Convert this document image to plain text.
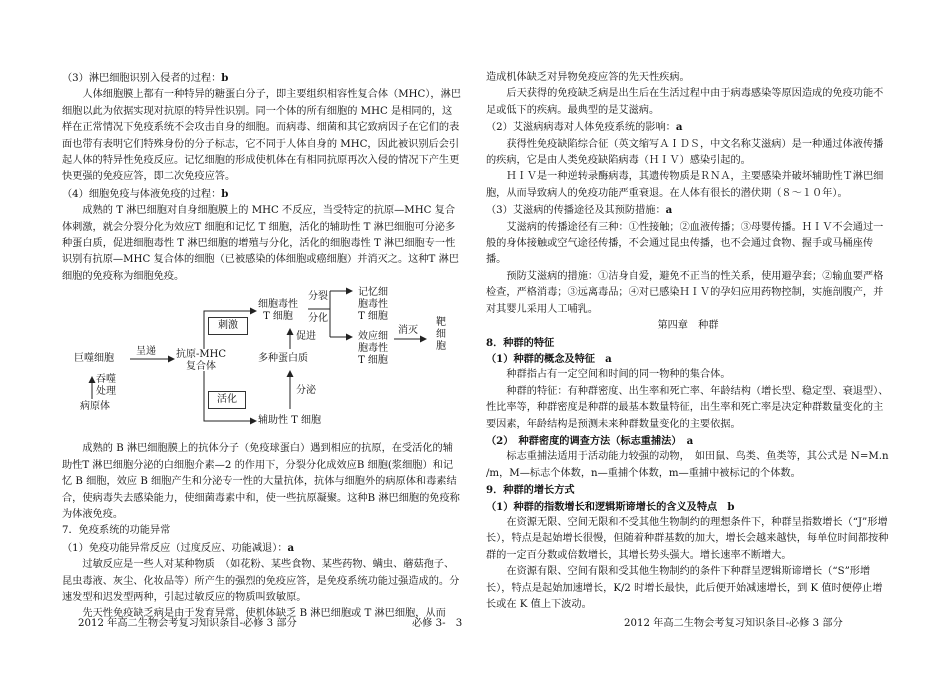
（3）淋巴细胞识别入侵者的过程：b

人体细胞膜上都有一种特异的糖蛋白分子，即主要组织相容性复合体（MHC），淋巴细胞以此为依据实现对抗原的特异性识别。同一个体的所有细胞的 MHC 是相同的，这样在正常情况下免疫系统不会攻击自身的细胞。而病毒、细菌和其它致病因子在它们的表面也带有表明它们特殊身份的分子标志，它不同于人体自身的 MHC，因此被识别后会引起人体的特异性免疫反应。记忆细胞的形成使机体在有相同抗原再次入侵的情况下产生更快更强的免疫应答，即二次免疫应答。

（4）细胞免疫与体液免疫的过程：b

成熟的 T 淋巴细胞对自身细胞膜上的 MHC 不反应，当受特定的抗原—MHC 复合体刺激，就会分裂分化为效应T 细胞和记忆 T 细胞，活化的辅助性 T 淋巴细胞可分泌多种蛋白质，促进细胞毒性 T 淋巴细胞的增殖与分化，活化的细胞毒性 T 淋巴细胞专一性识别有抗原—MHC 复合体的细胞（已被感染的体细胞或癌细胞）并消灭之。这种T 淋巴细胞的免疫称为细胞免疫。

巨噬细胞
呈递
吞噬
处理
病原体
抗原-MHC
复合体
刺激
活化
细胞毒性
T 细胞
分裂
分化
记忆细
胞毒性
T 细胞
效应细
胞毒性
T 细胞
消灭
靶
细
胞
促进
多种蛋白质
分泌
辅助性 T 细胞

成熟的 B 淋巴细胞膜上的抗体分子（免疫球蛋白）遇到相应的抗原，在受活化的辅助性T 淋巴细胞分泌的白细胞介素—2 的作用下，分裂分化成效应B 细胞(浆细胞）和记忆 B 细胞，效应 B 细胞产生和分泌专一性的大量抗体，抗体与细胞外的病原体和毒素结合，使病毒失去感染能力，使细菌毒素中和，使一些抗原凝聚。这种B 淋巴细胞的免疫称为体液免疫。

7．免疫系统的功能异常

（1）免疫功能异常反应（过度反应、功能减退）：a

过敏反应是一些人对某种物质　（如花粉、某些食物、某些药物、螨虫、蘑菇孢子、昆虫毒液、灰尘、化妆品等）所产生的强烈的免疫应答，是免疫系统功能过强造成的。分速发型和迟发型两种，引起过敏反应的物质叫致敏原。

先天性免疫缺乏病是由于发育异常，使机体缺乏 B 淋巴细胞或 T 淋巴细胞，从而

造成机体缺乏对异物免疫应答的先天性疾病。

后天获得的免疫缺乏病是出生后在生活过程中由于病毒感染等原因造成的免疫功能不足或低下的疾病。最典型的是艾滋病。

（2）艾滋病病毒对人体免疫系统的影响：a

获得性免疫缺陷综合征（英文缩写ＡＩＤＳ，中文名称艾滋病）是一种通过体液传播的疾病，它是由人类免疫缺陷病毒（ＨＩＶ）感染引起的。

ＨＩＶ是一种逆转录酶病毒，其遗传物质是ＲＮＡ，主要感染并破坏辅助性Ｔ淋巴细胞，从而导致病人的免疫功能严重衰退。在人体有很长的潜伏期（８～１０年）。

（3）艾滋病的传播途径及其预防措施：a

艾滋病的传播途径有三种：①性接触；②血液传播；③母婴传播。ＨＩＶ不会通过一般的身体接触或空气途径传播，不会通过昆虫传播，也不会通过食物、握手或马桶座传播。

预防艾滋病的措施：①洁身自爱，避免不正当的性关系，使用避孕套；②输血要严格检查，严格消毒；③远离毒品；④对已感染ＨＩＶ的孕妇应用药物控制，实施剖腹产，并对其婴儿采用人工哺乳。

第四章　种群

8．种群的特征

（1）种群的概念及特征　 a

种群指占有一定空间和时间的同一物种的集合体。

种群的特征：有种群密度、出生率和死亡率、年龄结构（增长型、稳定型、衰退型）、性比率等，种群密度是种群的最基本数量特征，出生率和死亡率是决定种群数量变化的主要因素，年龄结构是预测未来种群数量变化的主要依据。

（2）　种群密度的调查方法（标志重捕法）　 a

标志重捕法适用于活动能力较强的动物，　如田鼠、鸟类、鱼类等，其公式是 N=M.n /m，M—标志个体数，n—重捕个体数，m—重捕中被标记的个体数。

9．种群的增长方式

（1）种群的指数增长和逻辑斯谛增长的含义及特点　 b

在资源无限、空间无限和不受其他生物制约的理想条件下，种群呈指数增长（“J”形增长），特点是起始增长很慢，但随着种群基数的加大，增长会越来越快，每单位时间都按种群的一定百分数或倍数增长，其增长势头强大。增长速率不断增大。

在资源有限、空间有限和受其他生物制约的条件下种群呈逻辑斯谛增长（“S”形增长），特点是起始加速增长，K/2 时增长最快，此后便开始减速增长，到 K 值时便停止增长或在 K 值上下波动。

2012 年高二生物会考复习知识条目-必修 3 部分	必修 3-　3	2012 年高二生物会考复习知识条目-必修 3 部分
